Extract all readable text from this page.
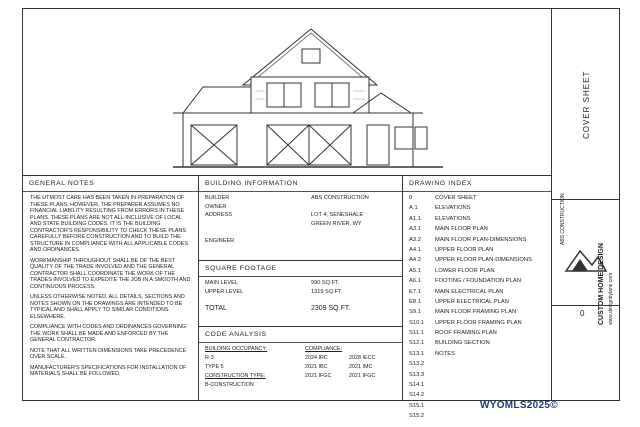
COVER SHEET
CUSTOM HOME DESIGN www.designbylane.com
ABS CONSTRUCTION
0
GENERAL NOTES

THE UTMOST CARE HAS BEEN TAKEN IN PREPARATION OF THESE PLANS, HOWEVER, THE PREPARER ASSUMES NO FINANCIAL LIABILITY RESULTING FROM ERRORS IN THESE PLANS. THESE PLANS ARE NOT ALL-INCLUSIVE OF LOCAL AND STATE BUILDING CODES. IT IS THE BUILDING CONTRACTOR'S RESPONSIBILITY TO CHECK THESE PLANS CAREFULLY BEFORE CONSTRUCTION AND TO BUILD THE STRUCTURE IN COMPLIANCE WITH ALL APPLICABLE CODES AND ORDINANCES.

WORKMANSHIP THROUGHOUT SHALL BE OF THE BEST QUALITY OF THE TRADE INVOLVED AND THE GENERAL CONTRACTOR SHALL COORDINATE THE WORK OF THE TRADES INVOLVED TO EXPEDITE THE JOB IN A SMOOTH AND CONTINUOUS PROCESS.

UNLESS OTHERWISE NOTED, ALL DETAILS, SECTIONS AND NOTES SHOWN ON THE DRAWINGS ARE INTENDED TO BE TYPICAL AND SHALL APPLY TO SIMILAR CONDITIONS ELSEWHERE.

COMPLIANCE WITH CODES AND ORDINANCES GOVERNING THE WORK SHALL BE MADE AND ENFORCED BY THE GENERAL CONTRACTOR.

NOTE THAT ALL WRITTEN DIMENSIONS TAKE PRECEDENCE OVER SCALE.

MANUFACTURER'S SPECIFICATIONS FOR INSTALLATION OF MATERIALS SHALL BE FOLLOWED.

BUILDING INFORMATION
BUILDER	ABS CONSTRUCTION
OWNER
ADDRESS	LOT 4, SENESHALE
GREEN RIVER, WY
ENGINEER
SQUARE FOOTAGE
MAIN LEVEL	990 SQ.FT.
UPPER LEVEL	1319 SQ.FT.
TOTAL	2309 SQ.FT.
CODE ANALYSIS
BUILDING OCCUPANCY:	COMPLIANCE:
R-3	2024 IRC	2028 IECC
TYPE 5	2021 IBC	2021 IMC
CONSTRUCTION TYPE:	2021 IFGC	2021 IFGC
B-CONSTRUCTION
DRAWING INDEX
0	COVER SHEET
A.1	ELEVATIONS
A1.1 ELEVATIONS
A3.1 MAIN FLOOR PLAN
A3.2 MAIN FLOOR PLAN-DIMENSIONS
A4.1 UPPER FLOOR PLAN
A4.2 UPPER FLOOR PLAN-DIMENSIONS
A5.1 LOWER FLOOR PLAN
A6.1 FOOTING / FOUNDATION PLAN
E7.1 MAIN ELECTRICAL PLAN
E8.1 UPPER ELECTRICAL PLAN
S9.1 MAIN FLOOR FRAMING PLAN
S10.1 UPPER FLOOR FRAMING PLAN
S11.1 ROOF FRAMING PLAN
S12.1 BUILDING SECTION
S13.1 NOTES
S13.2
S13.3
S14.1
S14.2
S15.1
S15.2
WYOMLS2025©
